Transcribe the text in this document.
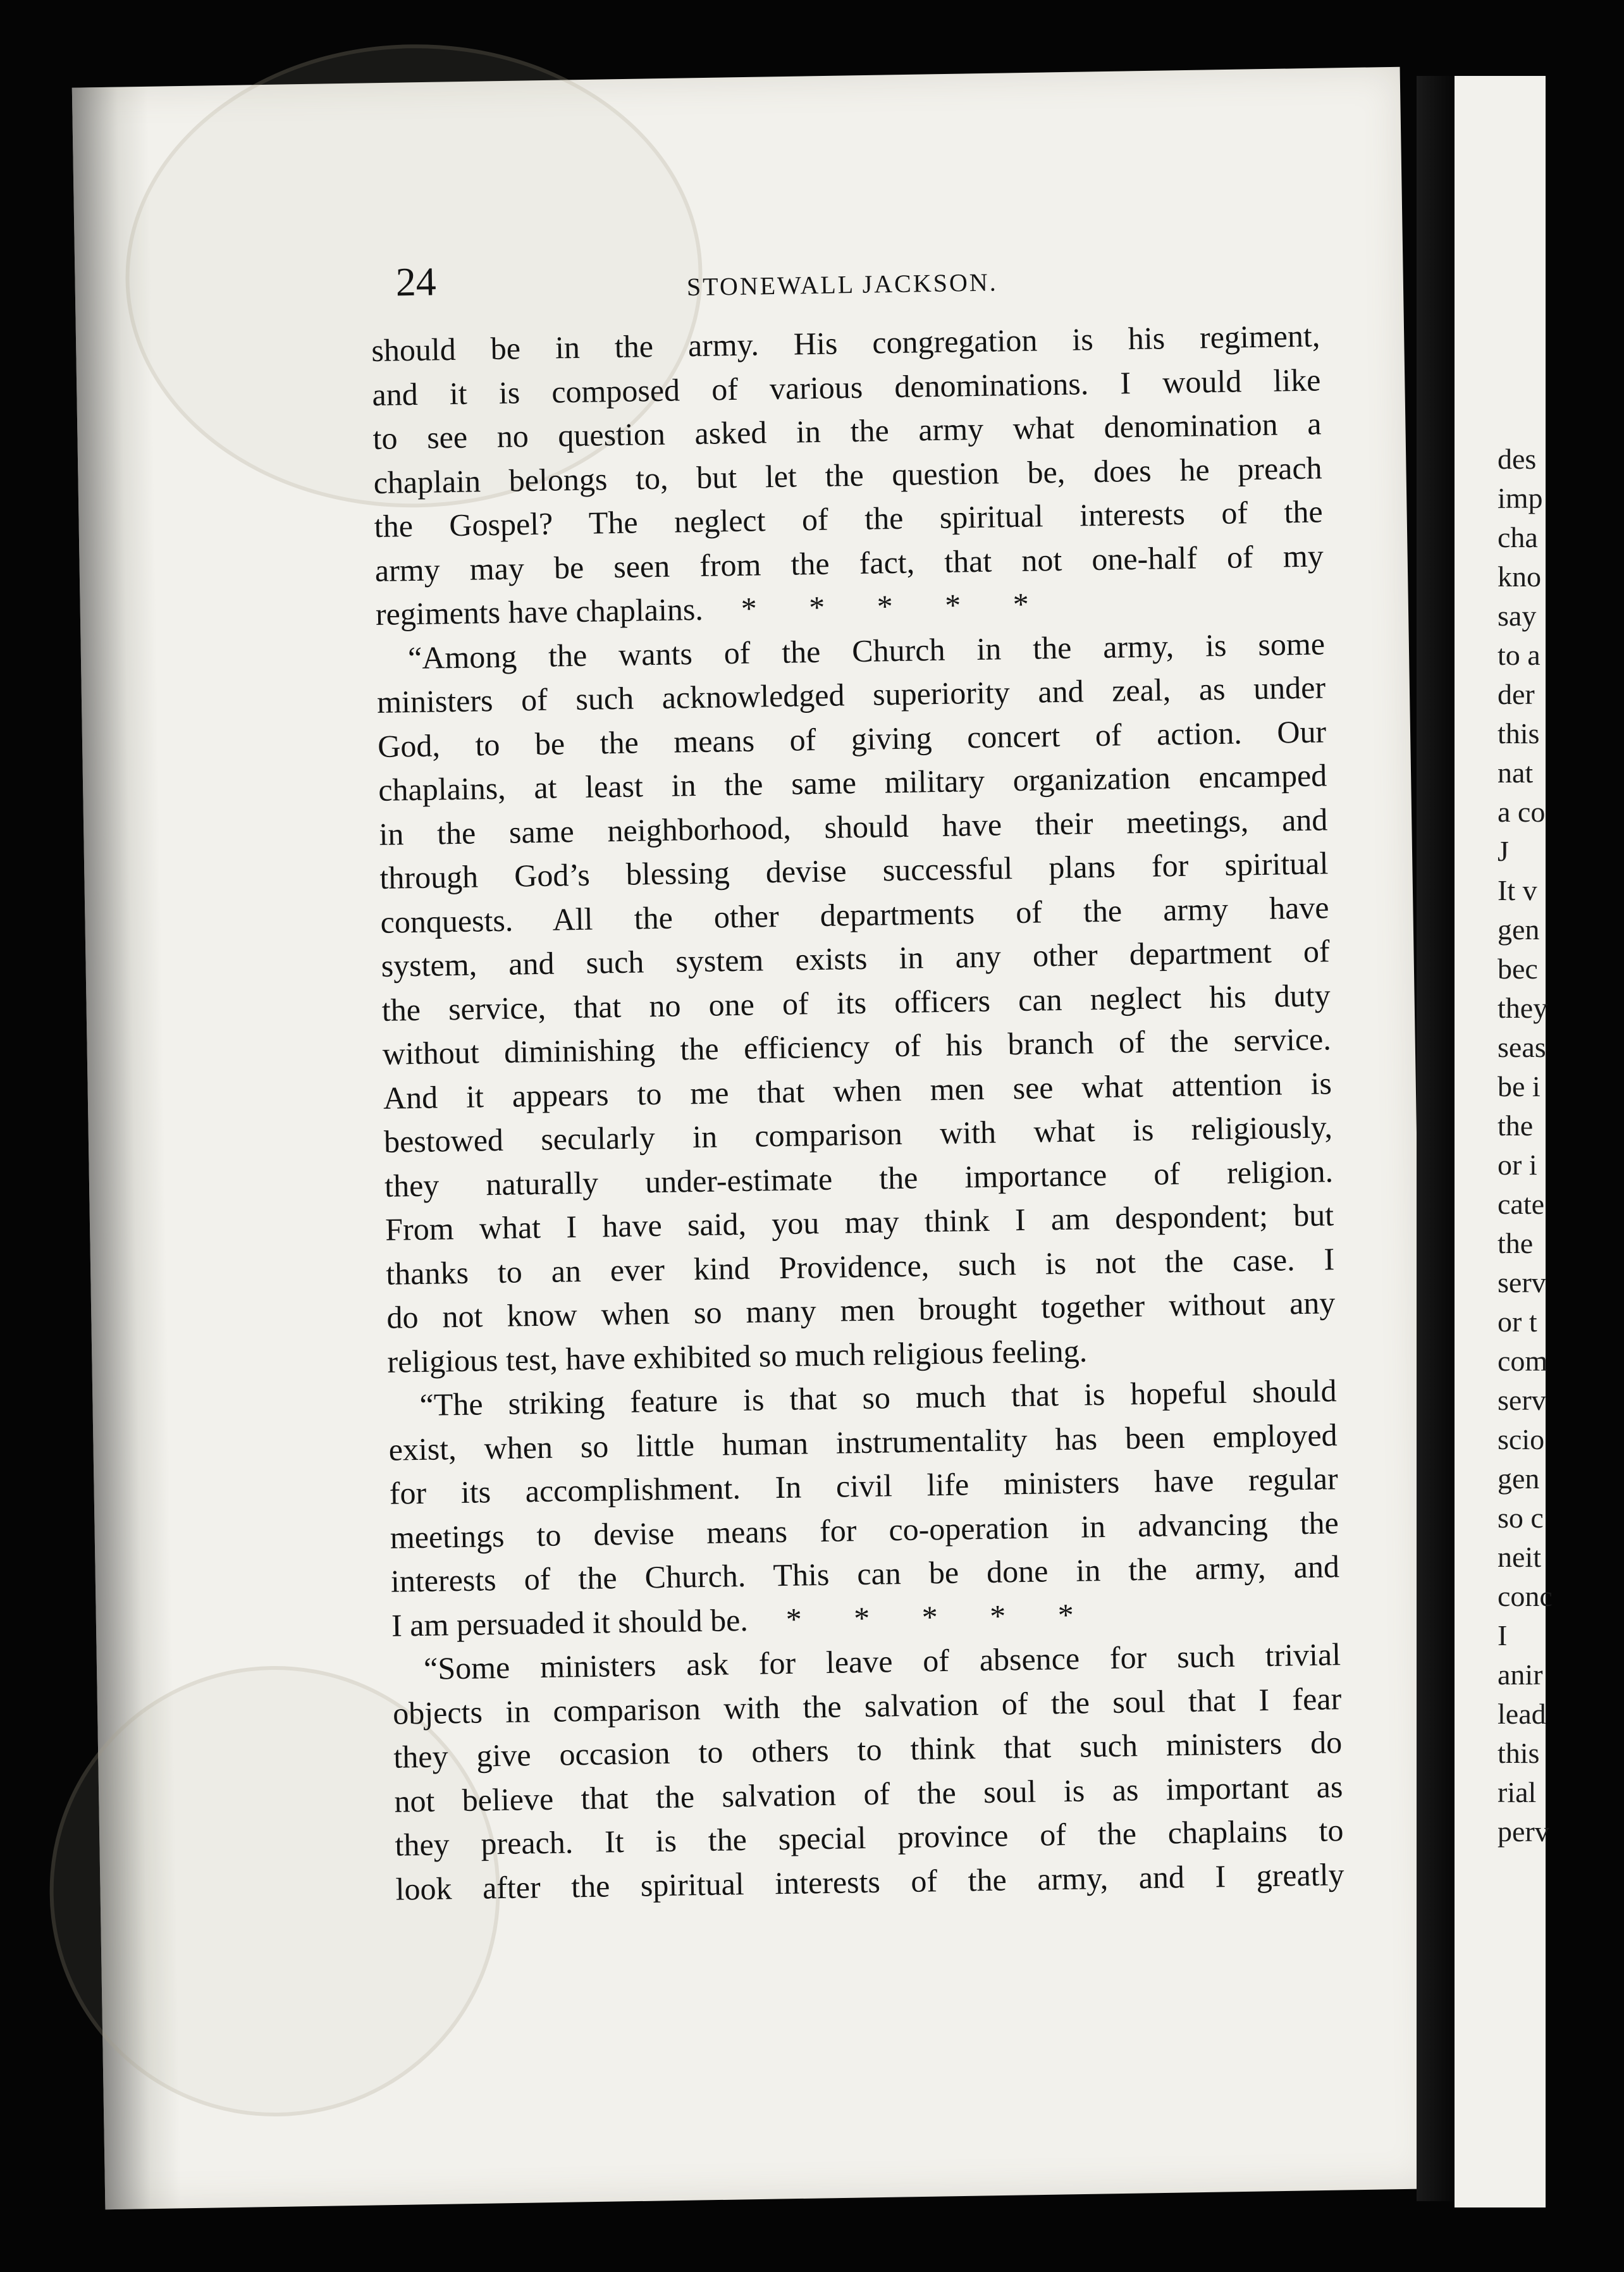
des
imp
cha
kno
say
to a
der
this
nat
a co
J
It v
gen
bec
they
seas
be i
the
or i
cate
the
serv
or t
com
serv
scio
gen
so c
neit
conc
I
anir
lead
this
rial
perv
24	STONEWALL JACKSON.
should be in the army. His congregation is his regiment,
and it is composed of various denominations. I would like
to see no question asked in the army what denomination a
chaplain belongs to, but let the question be, does he preach
the Gospel? The neglect of the spiritual interests of the
army may be seen from the fact, that not one-half of my
regiments have chaplains. * * * * *
“Among the wants of the Church in the army, is some
ministers of such acknowledged superiority and zeal, as under
God, to be the means of giving concert of action. Our
chaplains, at least in the same military organization encamped
in the same neighborhood, should have their meetings, and
through God’s blessing devise successful plans for spiritual
conquests. All the other departments of the army have
system, and such system exists in any other department of
the service, that no one of its officers can neglect his duty
without diminishing the efficiency of his branch of the service.
And it appears to me that when men see what attention is
bestowed secularly in comparison with what is religiously,
they naturally under-estimate the importance of religion.
From what I have said, you may think I am despondent; but
thanks to an ever kind Providence, such is not the case. I
do not know when so many men brought together without any
religious test, have exhibited so much religious feeling.
“The striking feature is that so much that is hopeful should
exist, when so little human instrumentality has been employed
for its accomplishment. In civil life ministers have regular
meetings to devise means for co-operation in advancing the
interests of the Church. This can be done in the army, and
I am persuaded it should be. * * * * *
“Some ministers ask for leave of absence for such trivial
objects in comparison with the salvation of the soul that I fear
they give occasion to others to think that such ministers do
not believe that the salvation of the soul is as important as
they preach. It is the special province of the chaplains to
look after the spiritual interests of the army, and I greatly
